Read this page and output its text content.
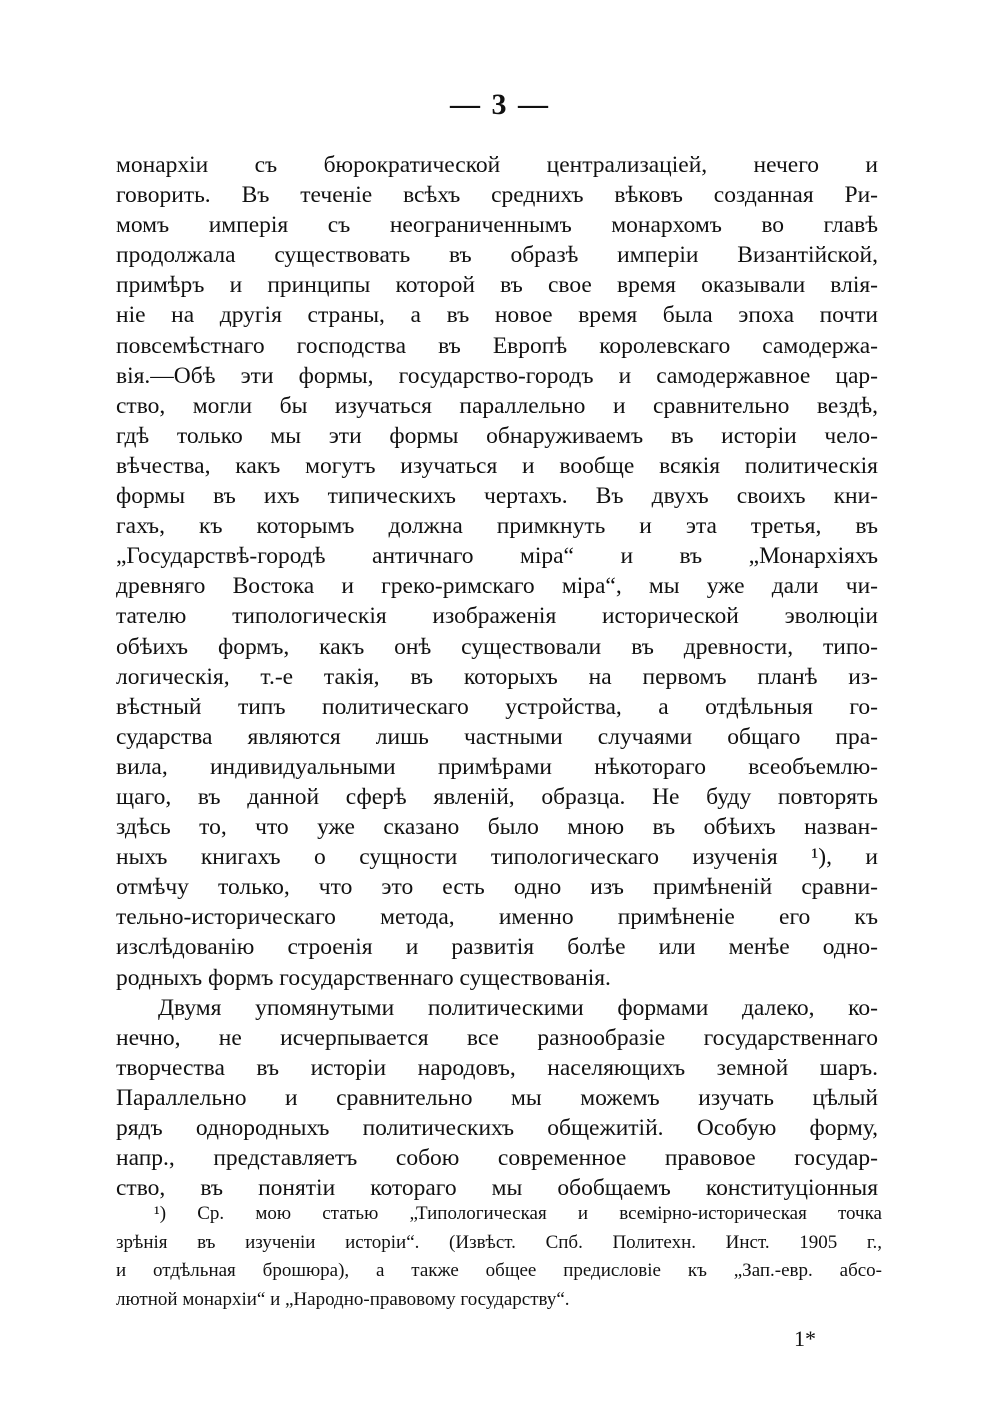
— 3 —
монархіи съ бюрократической централизаціей, нечего и
говорить. Въ теченіе всѣхъ среднихъ вѣковъ созданная Ри-
момъ имперія съ неограниченнымъ монархомъ во главѣ
продолжала существовать въ образѣ имперіи Византійской,
примѣръ и принципы которой въ свое время оказывали влія-
ніе на другія страны, а въ новое время была эпоха почти
повсемѣстнаго господства въ Европѣ королевскаго самодержа-
вія.—Обѣ эти формы, государство-городъ и самодержавное цар-
ство, могли бы изучаться параллельно и сравнительно вездѣ,
гдѣ только мы эти формы обнаруживаемъ въ исторіи чело-
вѣчества, какъ могутъ изучаться и вообще всякія политическія
формы въ ихъ типическихъ чертахъ. Въ двухъ своихъ кни-
гахъ, къ которымъ должна примкнуть и эта третья, въ
„Государствѣ-городѣ античнаго міра“ и въ „Монархіяхъ
древняго Востока и греко-римскаго міра“, мы уже дали чи-
тателю типологическія изображенія исторической эволюціи
обѣихъ формъ, какъ онѣ существовали въ древности, типо-
логическія, т.-е такія, въ которыхъ на первомъ планѣ из-
вѣстный типъ политическаго устройства, а отдѣльныя го-
сударства являются лишь частными случаями общаго пра-
вила, индивидуальными примѣрами нѣкотораго всеобъемлю-
щаго, въ данной сферѣ явленій, образца. Не буду повторять
здѣсь то, что уже сказано было мною въ обѣихъ назван-
ныхъ книгахъ о сущности типологическаго изученія ¹), и
отмѣчу только, что это есть одно изъ примѣненій сравни-
тельно-историческаго метода, именно примѣненіе его къ
изслѣдованію строенія и развитія болѣе или менѣе одно-
родныхъ формъ государственнаго существованія.
Двумя упомянутыми политическими формами далеко, ко-
нечно, не исчерпывается все разнообразіе государственнаго
творчества въ исторіи народовъ, населяющихъ земной шаръ.
Параллельно и сравнительно мы можемъ изучать цѣлый
рядъ однородныхъ политическихъ общежитій. Особую форму,
напр., представляетъ собою современное правовое государ-
ство, въ понятіи котораго мы обобщаемъ конституціонныя
¹) Ср. мою статью „Типологическая и всемірно-историческая точка
зрѣнія въ изученіи исторіи“. (Извѣст. Спб. Политехн. Инст. 1905 г.,
и отдѣльная брошюра), а также общее предисловіе къ „Зап.-евр. абсо-
лютной монархіи“ и „Народно-правовому государству“.
1*
